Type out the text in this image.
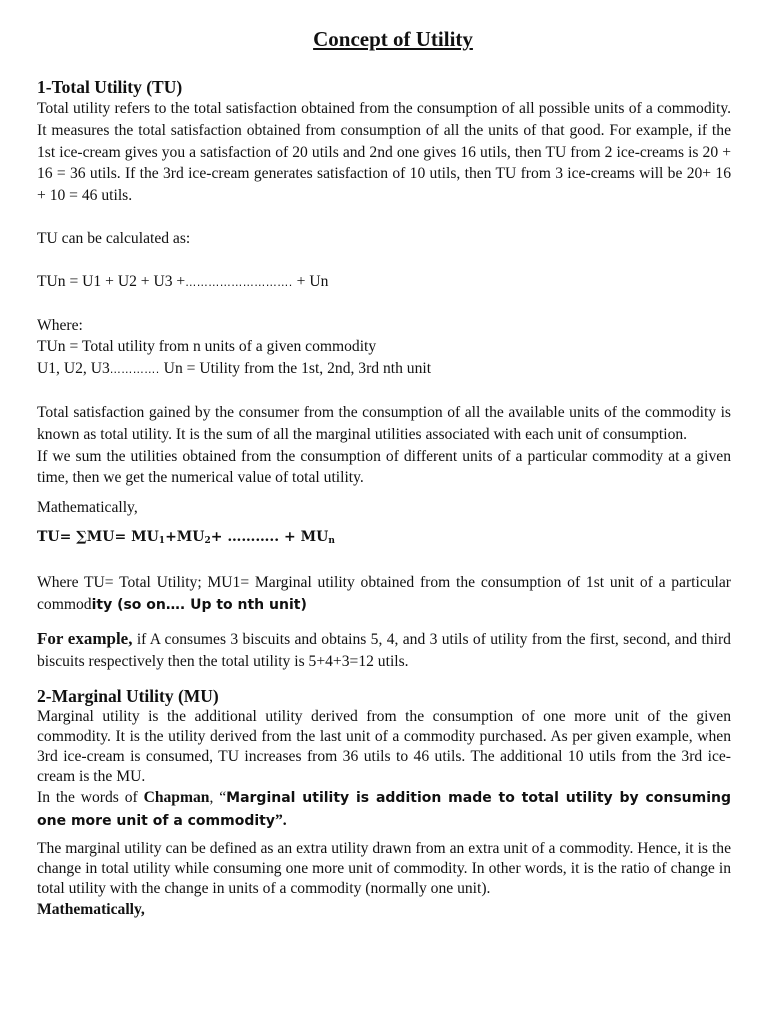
Concept of Utility
1-Total Utility (TU)

Total utility refers to the total satisfaction obtained from the consumption of all possible units of a commodity. It measures the total satisfaction obtained from consumption of all the units of that good. For example, if the 1st ice-cream gives you a satisfaction of 20 utils and 2nd one gives 16 utils, then TU from 2 ice-creams is 20 + 16 = 36 utils. If the 3rd ice-cream generates satisfaction of 10 utils, then TU from 3 ice-creams will be 20+ 16 + 10 = 46 utils.

TU can be calculated as:

TUn = U1 + U2 + U3 +………………………. + Un

Where:

TUn = Total utility from n units of a given commodity

U1, U2, U3…………. Un = Utility from the 1st, 2nd, 3rd nth unit

Total satisfaction gained by the consumer from the consumption of all the available units of the commodity is known as total utility. It is the sum of all the marginal utilities associated with each unit of consumption.

If we sum the utilities obtained from the consumption of different units of a particular commodity at a given time, then we get the numerical value of total utility.

Mathematically,

$TU= \sum MU= MU_1+MU_2+$ ……….. + $MU_n$

Where TU= Total Utility; MU1= Marginal utility obtained from the consumption of 1st unit of a particular commodity (so on…. Up to nth unit)

For example, if A consumes 3 biscuits and obtains 5, 4, and 3 utils of utility from the first, second, and third biscuits respectively then the total utility is 5+4+3=12 utils.

2-Marginal Utility (MU)

Marginal utility is the additional utility derived from the consumption of one more unit of the given commodity. It is the utility derived from the last unit of a commodity purchased. As per given example, when 3rd ice-cream is consumed, TU increases from 36 utils to 46 utils. The additional 10 utils from the 3rd ice-cream is the MU.

In the words of Chapman, “Marginal utility is addition made to total utility by consuming one more unit of a commodity”.

The marginal utility can be defined as an extra utility drawn from an extra unit of a commodity. Hence, it is the change in total utility while consuming one more unit of commodity. In other words, it is the ratio of change in total utility with the change in units of a commodity (normally one unit).

Mathematically,
